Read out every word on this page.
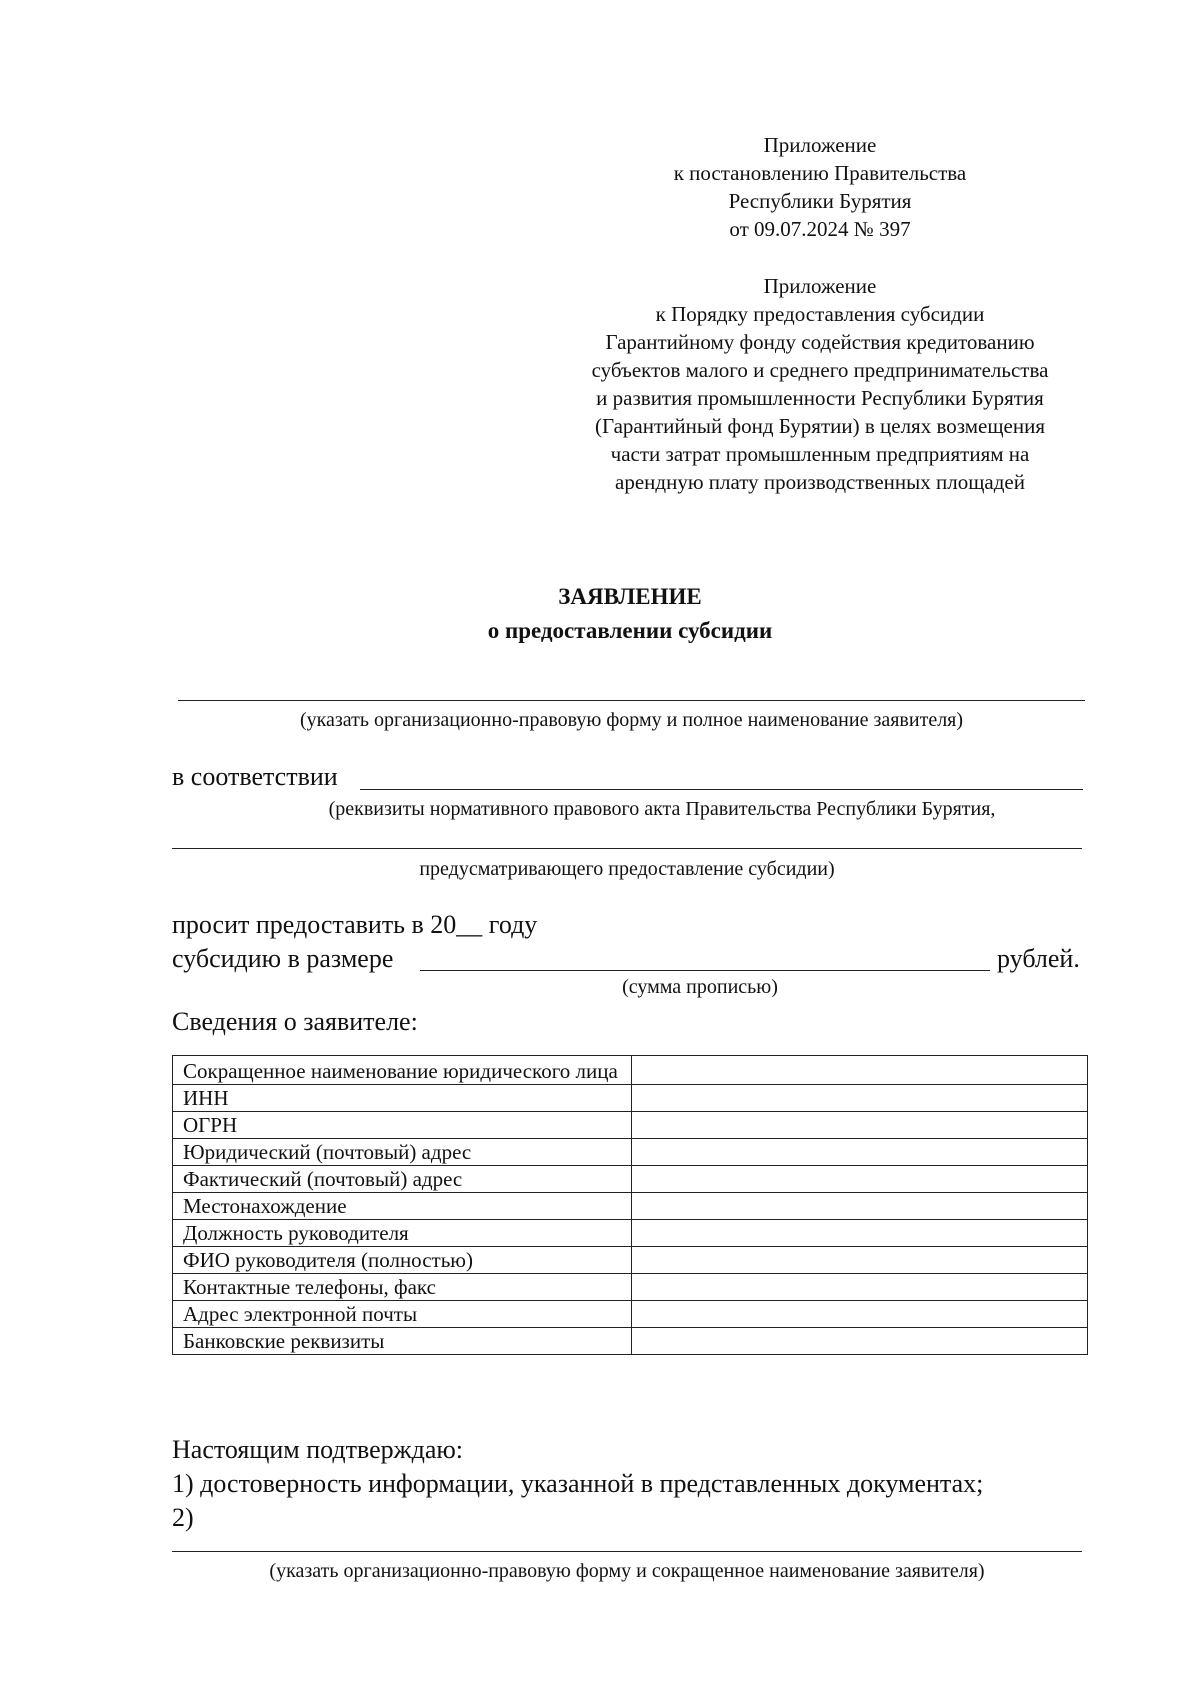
Приложение
к постановлению Правительства
Республики Бурятия
от 09.07.2024 № 397
Приложение
к Порядку предоставления субсидии
Гарантийному фонду содействия кредитованию
субъектов малого и среднего предпринимательства
и развития промышленности Республики Бурятия
(Гарантийный фонд Бурятии) в целях возмещения
части затрат промышленным предприятиям на
арендную плату производственных площадей
ЗАЯВЛЕНИЕ
о предоставлении субсидии
(указать организационно-правовую форму и полное наименование заявителя)
в соответствии
(реквизиты нормативного правового акта Правительства Республики Бурятия,
предусматривающего предоставление субсидии)
просит предоставить в 20__ году
субсидию в размере	рублей.
(сумма прописью)
Сведения о заявителе:
Сокращенное наименование юридического лица	
ИНН	
ОГРН	
Юридический (почтовый) адрес	
Фактический (почтовый) адрес	
Местонахождение	
Должность руководителя	
ФИО руководителя (полностью)	
Контактные телефоны, факс	
Адрес электронной почты	
Банковские реквизиты	
Настоящим подтверждаю:
1) достоверность информации, указанной в представленных документах;
2)
(указать организационно-правовую форму и сокращенное наименование заявителя)
